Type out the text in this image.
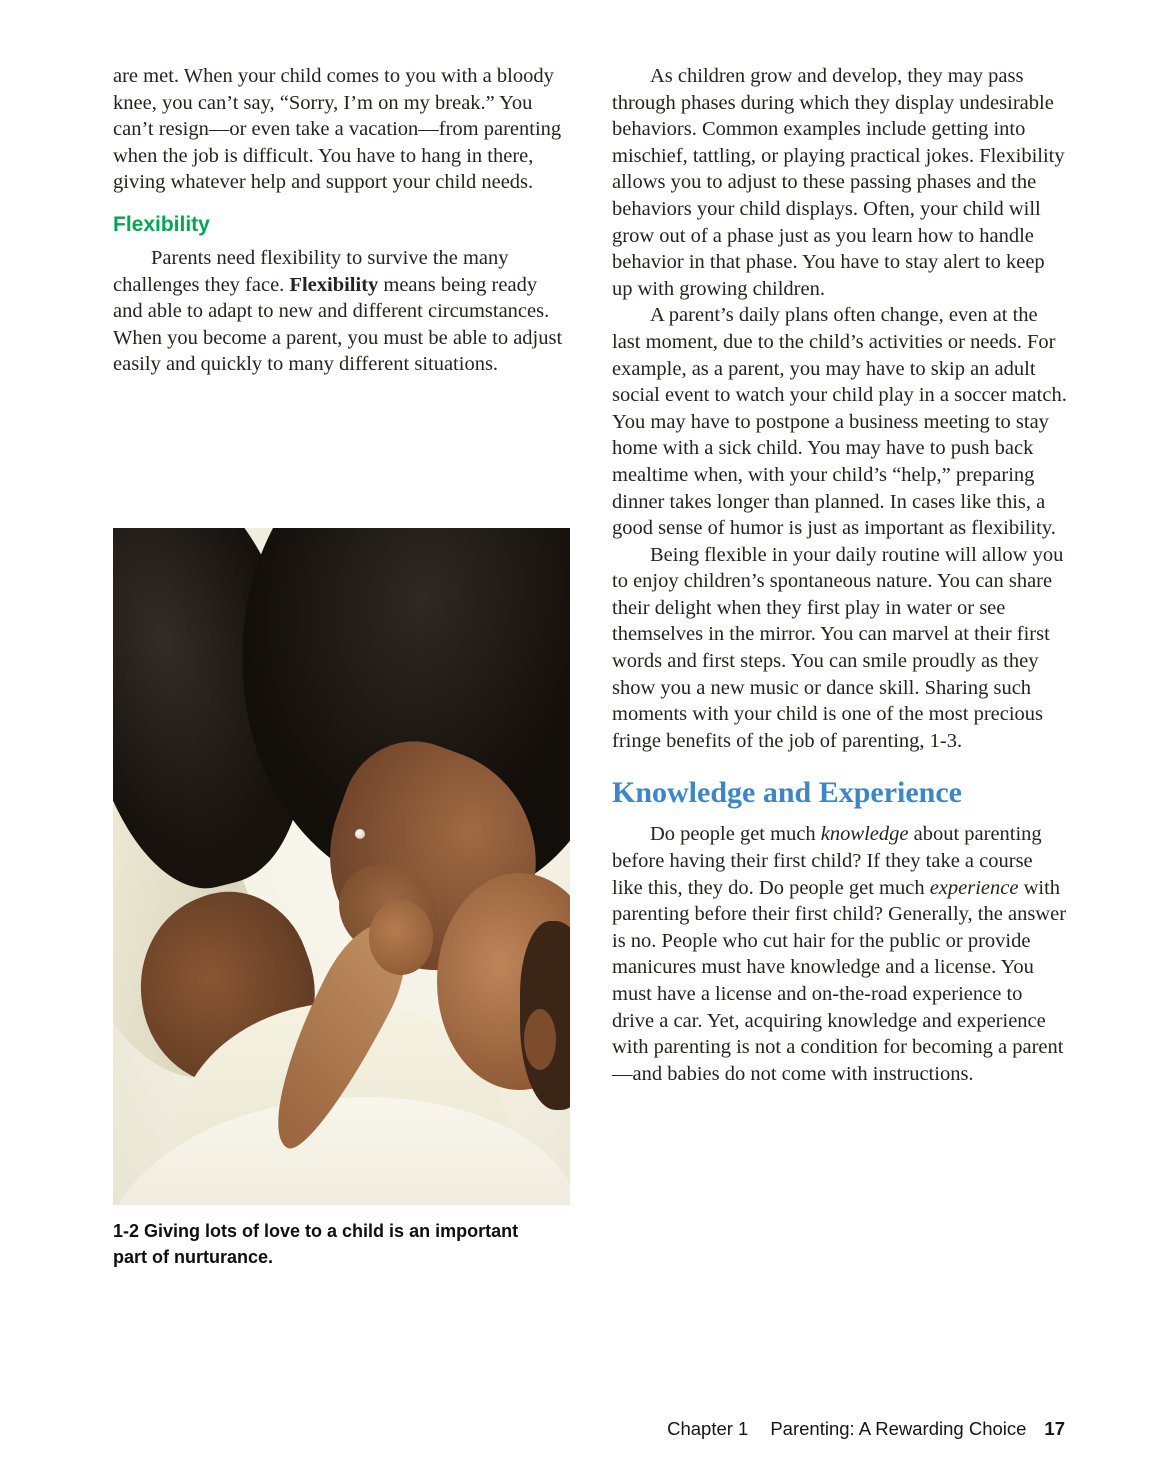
are met. When your child comes to you with a bloody knee, you can’t say, “Sorry, I’m on my break.” You can’t resign—or even take a vacation—from parenting when the job is difficult. You have to hang in there, giving whatever help and support your child needs.

Flexibility

Parents need flexibility to survive the many challenges they face. Flexibility means being ready and able to adapt to new and different circumstances. When you become a parent, you must be able to adjust easily and quickly to many different situations.

1-2 Giving lots of love to a child is an important part of nurturance.

As children grow and develop, they may pass through phases during which they display undesirable behaviors. Common examples include getting into mischief, tattling, or playing practical jokes. Flexibility allows you to adjust to these passing phases and the behaviors your child displays. Often, your child will grow out of a phase just as you learn how to handle behavior in that phase. You have to stay alert to keep up with growing children.

A parent’s daily plans often change, even at the last moment, due to the child’s activities or needs. For example, as a parent, you may have to skip an adult social event to watch your child play in a soccer match. You may have to postpone a business meeting to stay home with a sick child. You may have to push back mealtime when, with your child’s “help,” preparing dinner takes longer than planned. In cases like this, a good sense of humor is just as important as flexibility.

Being flexible in your daily routine will allow you to enjoy children’s spontaneous nature. You can share their delight when they first play in water or see themselves in the mirror. You can marvel at their first words and first steps. You can smile proudly as they show you a new music or dance skill. Sharing such moments with your child is one of the most precious fringe benefits of the job of parenting, 1-3.

Knowledge and Experience

Do people get much knowledge about parenting before having their first child? If they take a course like this, they do. Do people get much experience with parenting before their first child? Generally, the answer is no. People who cut hair for the public or provide manicures must have knowledge and a license. You must have a license and on-the-road experience to drive a car. Yet, acquiring knowledge and experience with parenting is not a condition for becoming a parent—and babies do not come with instructions.

Chapter 1 Parenting: A Rewarding Choice 17
